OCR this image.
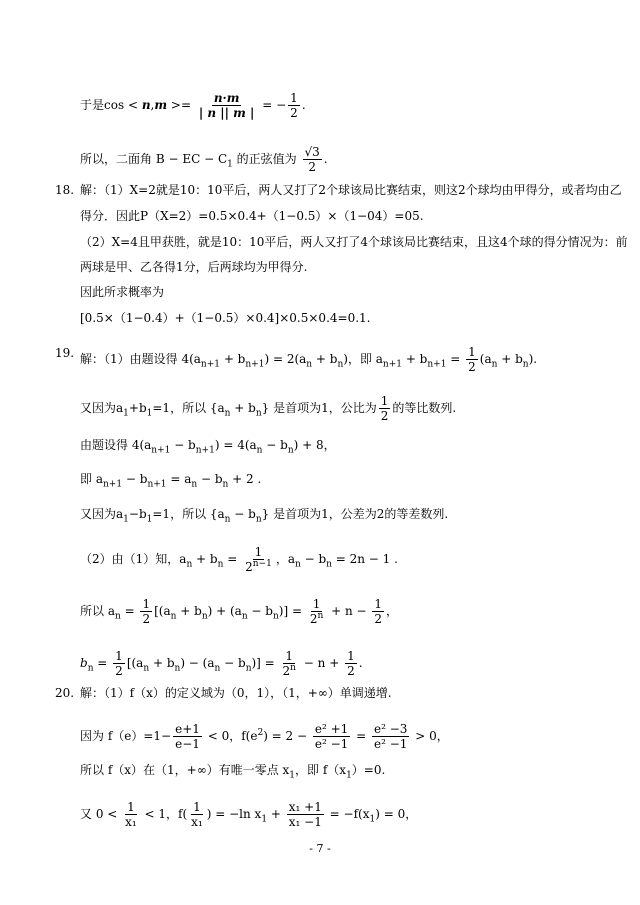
于是$\cos < n,m >= \frac{n\cdot m}{| n || m |}$ = − $\frac{1}{2}$ .
所以，二面角 B − EC − $C_1$ 的正弦值为 $\frac{√3}{2}$ .
18. 解：（1）X=2就是10：10平后，两人又打了2个球该局比赛结束，则这2个球均由甲得分，或者均由乙
得分．因此P（X=2）=0.5×0.4+（1−0.5）×（1−04）=05.
（2）X=4且甲获胜，就是10：10平后，两人又打了4个球该局比赛结束，且这4个球的得分情况为：前
两球是甲、乙各得1分，后两球均为甲得分.
因此所求概率为
[0.5×（1−0.4）+（1−0.5）×0.4]×0.5×0.4=0.1.
19. 解：（1）由题设得 $4(a_{n+1} + b_{n+1}) = 2(a_n + b_n)$，即 $a_{n+1} + b_{n+1} = \frac{1}{2} (a_n + b_n)$.
又因为$a_1+b_1=1$，所以 $\{a_n + b_n\}$ 是首项为1，公比为 $\frac{1}{2}$ 的等比数列.
由题设得 $4(a_{n+1} - b_{n+1}) = 4(a_n - b_n) + 8$，
即 $a_{n+1} - b_{n+1} = a_n - b_n + 2$ .
又因为$a_1-b_1=1$，所以 $\{a_n - b_n\}$ 是首项为1，公差为2的等差数列.
（2）由（1）知，$a_n + b_n = \frac{1}{2^{n-1}}$ ，$a_n - b_n = 2n - 1$ .
所以 $a_n = \frac{1}{2} [(a_n + b_n) + (a_n - b_n)] = \frac{1}{2^n} + n - \frac{1}{2}$ ，
$b_n = \frac{1}{2} [(a_n + b_n) - (a_n - b_n)] = \frac{1}{2^n} - n + \frac{1}{2}$ .
20. 解：（1）f（x）的定义域为（0，1），（1，+∞）单调递增.
因为 $f(e)=1- \frac{e+1}{e-1} < 0$，$f(e^2) = 2 - \frac{\text{e² +1}}{\text{e² −1}} = \frac{\text{e² −3}}{\text{e² −1}} > 0$，
所以 f（x）在（1，+∞）有唯一零点 $x_1$，即 $f(x_1)=0$.
又 $0 < \frac{1}{\text{x₁}} < 1$，$f( \frac{1}{\text{x₁}}$ ) = −ln $x_1 + \frac{\text{x₁ +1}}{\text{x₁ −1}} = -f(x_1) = 0$，
- 7 -
